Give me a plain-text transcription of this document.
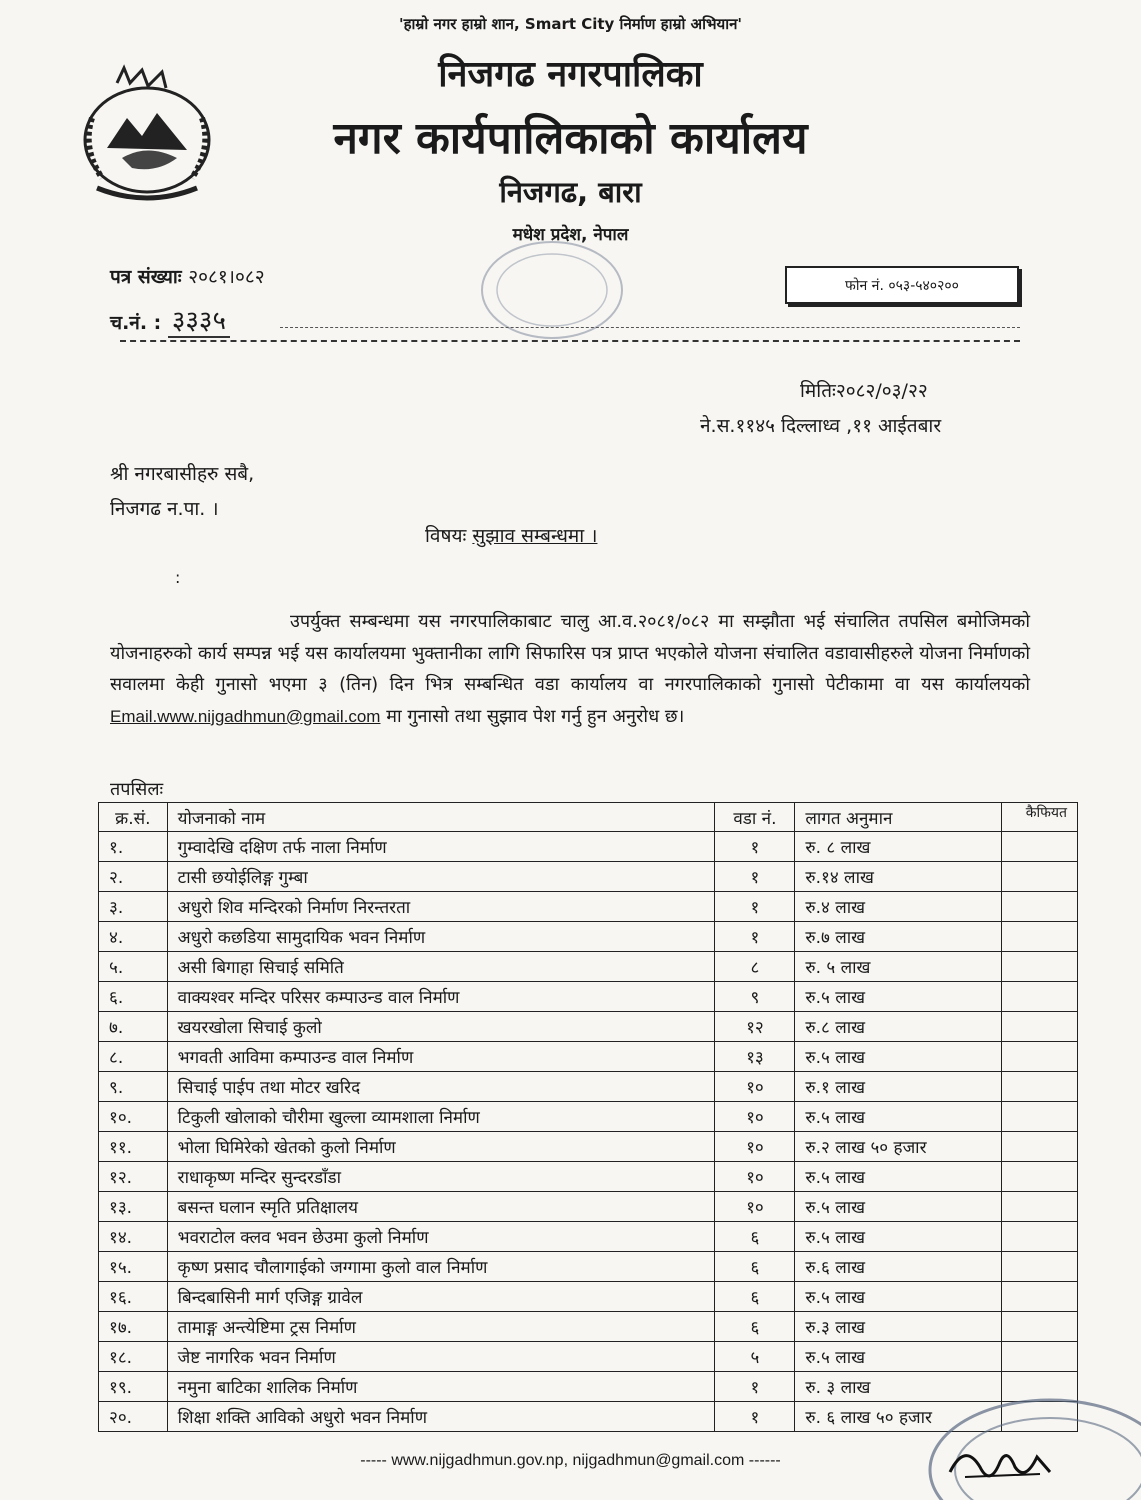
'हाम्रो नगर हाम्रो शान, Smart City निर्माण हाम्रो अभियान'
निजगढ नगरपालिका
नगर कार्यपालिकाको कार्यालय
निजगढ, बारा
मधेश प्रदेश, नेपाल
पत्र संख्याः २०८१।०८२
च.नं. : ३३३५
फोन नं. ०५३-५४०२००
मितिः२०८२/०३/२२
ने.स.११४५ दिल्लाध्व ,११ आईतबार
श्री नगरबासीहरु सबै,
निजगढ न.पा. ।
विषयः सुझाव सम्बन्धमा ।
:
उपर्युक्त सम्बन्धमा यस नगरपालिकाबाट चालु आ.व.२०८१/०८२ मा सम्झौता भई संचालित तपसिल बमोजिमको योजनाहरुको कार्य सम्पन्न भई यस कार्यालयमा भुक्तानीका लागि सिफारिस पत्र प्राप्त भएकोले योजना संचालित वडावासीहरुले योजना निर्माणको सवालमा केही गुनासो भएमा ३ (तिन) दिन भित्र सम्बन्धित वडा कार्यालय वा नगरपालिकाको गुनासो पेटीकामा वा यस कार्यालयको Email.www.nijgadhmun@gmail.com मा गुनासो तथा सुझाव पेश गर्नु हुन अनुरोध छ।
तपसिलः
क्र.सं.	योजनाको नाम	वडा नं.	लागत अनुमान	कैफियत
१.	गुम्वादेखि दक्षिण तर्फ नाला निर्माण	१	रु. ८ लाख	
२.	टासी छयोईलिङ्ग गुम्बा	१	रु.१४ लाख	
३.	अधुरो शिव मन्दिरको निर्माण निरन्तरता	१	रु.४ लाख	
४.	अधुरो कछडिया सामुदायिक भवन निर्माण	१	रु.७ लाख	
५.	असी बिगाहा सिचाई समिति	८	रु. ५ लाख	
६.	वाक्यश्वर मन्दिर परिसर कम्पाउन्ड वाल निर्माण	९	रु.५ लाख	
७.	खयरखोला सिचाई कुलो	१२	रु.८ लाख	
८.	भगवती आविमा कम्पाउन्ड वाल निर्माण	१३	रु.५ लाख	
९.	सिचाई पाईप तथा मोटर खरिद	१०	रु.१ लाख	
१०.	टिकुली खोलाको चौरीमा खुल्ला व्यामशाला निर्माण	१०	रु.५ लाख	
११.	भोला घिमिरेको खेतको कुलो निर्माण	१०	रु.२ लाख ५० हजार	
१२.	राधाकृष्ण मन्दिर सुन्दरडाँडा	१०	रु.५ लाख	
१३.	बसन्त घलान स्मृति प्रतिक्षालय	१०	रु.५ लाख	
१४.	भवराटोल क्लव भवन छेउमा कुलो निर्माण	६	रु.५ लाख	
१५.	कृष्ण प्रसाद चौलागाईको जग्गामा कुलो वाल निर्माण	६	रु.६ लाख	
१६.	बिन्दबासिनी मार्ग एजिङ्ग ग्रावेल	६	रु.५ लाख	
१७.	तामाङ्ग अन्त्येष्टिमा ट्रस निर्माण	६	रु.३ लाख	
१८.	जेष्ट नागरिक भवन निर्माण	५	रु.५ लाख	
१९.	नमुना बाटिका शालिक निर्माण	१	रु. ३ लाख	
२०.	शिक्षा शक्ति आविको अधुरो भवन निर्माण	१	रु. ६ लाख ५० हजार	
----- www.nijgadhmun.gov.np, nijgadhmun@gmail.com ------
